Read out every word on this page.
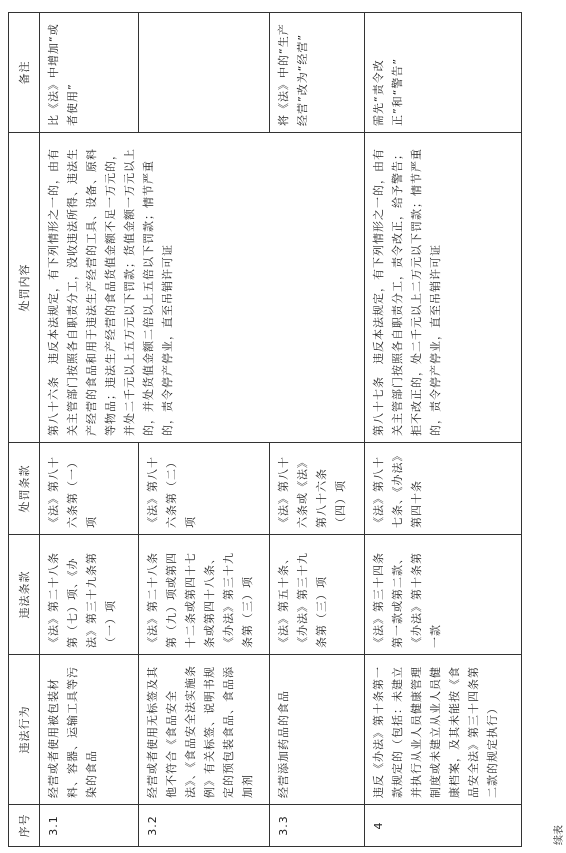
续表
序号	违法行为	违法条款	处罚条款	处罚内容	备注
3.1	经营或者使用被包装材料、容器、运输工具等污染的食品	《法》第二十八条第（七）项、《办法》第三十九条第（一）项	《法》第八十六条第（一）项	第八十六条　违反本法规定，有下列情形之一的，由有关主管部门按照各自职责分工，没收违法所得、违法生产经营的食品和用于违法生产经营的工具、设备、原料等物品；违法生产经营的食品货值金额不足一万元的，并处二千元以上五万元以下罚款；货值金额一万元以上的，并处货值金额二倍以上五倍以下罚款；情节严重的，责令停产停业，直至吊销许可证	比《法》中增加“或者使用”
3.2	经营或者使用无标签及其他不符合《食品安全法》、《食品安全法实施条例》有关标签、说明书规定的预包装食品、食品添加剂	《法》第二十八条第（九）项或第四十二条或第四十七条或第四十八条、《办法》第三十九条第（三）项	《法》第八十六条第（二）项		
3.3	经营添加药品的食品	《法》第五十条、《办法》第三十九条第（三）项	《法》第八十六条或《法》第八十六条（四）项		将《法》中的“生产经营”改为“经营”
4	违反《办法》第十条第一款规定的（包括：未建立并执行从业人员健康管理制度或未建立从业人员健康档案，及其未能按《食品安全法》第三十四条第二款的规定执行）	《法》第三十四条第一款或第二款、《办法》第十条第一款	《法》第八十七条、《办法》第四十条	第八十七条　违反本法规定，有下列情形之一的，由有关主管部门按照各自职责分工，责令改正，给予警告；拒不改正的，处二千元以上二万元以下罚款；情节严重的，责令停产停业，直至吊销许可证	需先“责令改正”和“警告”
